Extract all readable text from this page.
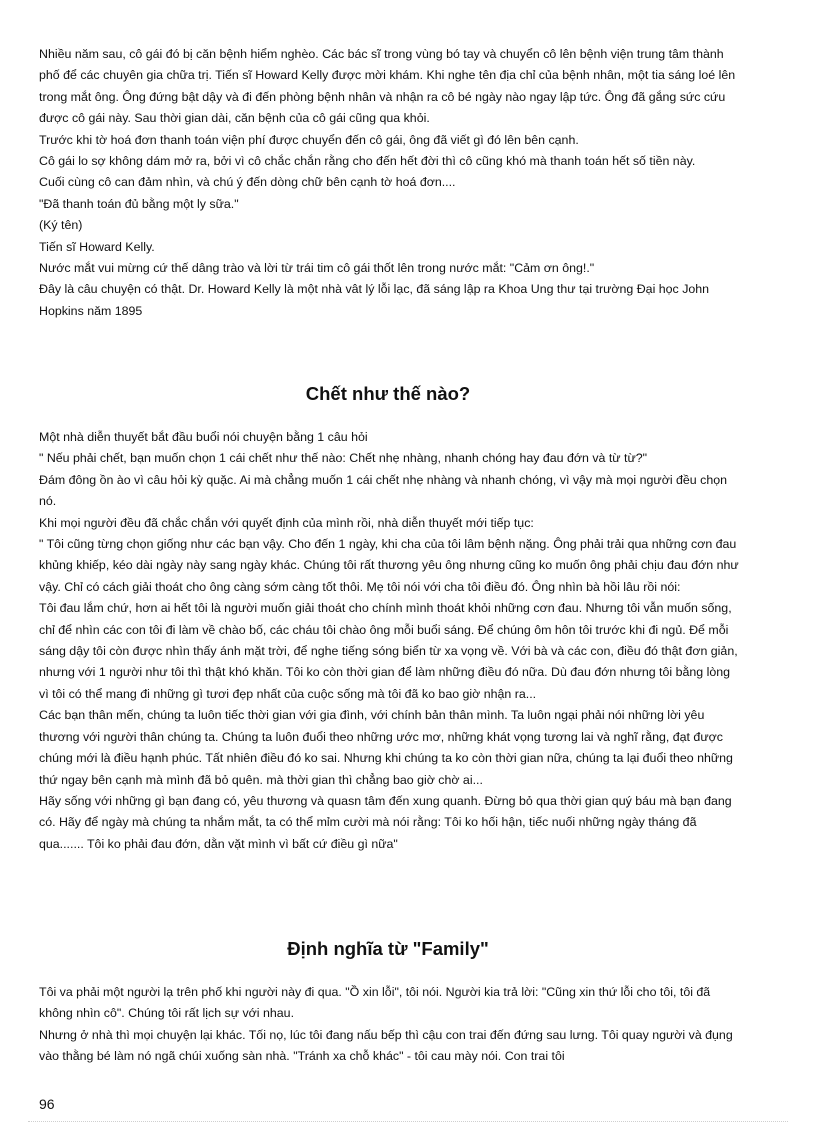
Nhiều năm sau, cô gái đó bị căn bệnh hiểm nghèo. Các bác sĩ trong vùng bó tay và chuyển cô lên bệnh viện trung tâm thành phố để các chuyên gia chữa trị. Tiến sĩ Howard Kelly được mời khám. Khi nghe tên địa chỉ của bệnh nhân, một tia sáng loé lên trong mắt ông. Ông đứng bật dậy và đi đến phòng bệnh nhân và nhận ra cô bé ngày nào ngay lập tức. Ông đã gắng sức cứu được cô gái này. Sau thời gian dài, căn bệnh của cô gái cũng qua khỏi.

Trước khi tờ hoá đơn thanh toán viện phí được chuyển đến cô gái, ông đã viết gì đó lên bên cạnh.

Cô gái lo sợ không dám mở ra, bởi vì cô chắc chắn rằng cho đến hết đời thì cô cũng khó mà thanh toán hết số tiền này.

Cuối cùng cô can đảm nhìn, và chú ý đến dòng chữ bên cạnh tờ hoá đơn....

"Đã thanh toán đủ bằng một ly sữa."

(Ký tên)

Tiến sĩ Howard Kelly.

Nước mắt vui mừng cứ thế dâng trào và lời từ trái tim cô gái thốt lên trong nước mắt: "Cảm ơn ông!."

Đây là câu chuyện có thật. Dr. Howard Kelly là một nhà vât lý lỗi lạc, đã sáng lập ra Khoa Ung thư tại trường Đại học John Hopkins năm 1895

Chết như thế nào?

Một nhà diễn thuyết bắt đầu buổi nói chuyện bằng 1 câu hỏi

" Nếu phải chết, bạn muốn chọn 1 cái chết như thế nào: Chết nhẹ nhàng, nhanh chóng hay đau đớn và từ từ?"

Đám đông ồn ào vì câu hỏi kỳ quặc. Ai mà chẳng muốn 1 cái chết nhẹ nhàng và nhanh chóng, vì vậy mà mọi người đều chọn nó.

Khi mọi người đều đã chắc chắn với quyết định của mình rồi, nhà diễn thuyết mới tiếp tục:

" Tôi cũng từng chọn giống như các bạn vậy. Cho đến 1 ngày, khi cha của tôi lâm bệnh nặng. Ông phải trải qua những cơn đau khủng khiếp, kéo dài ngày này sang ngày khác. Chúng tôi rất thương yêu ông nhưng cũng ko muốn ông phải chịu đau đớn như vậy. Chỉ có cách giải thoát cho ông càng sớm càng tốt thôi. Mẹ tôi nói với cha tôi điều đó. Ông nhìn bà hồi lâu rồi nói:

Tôi đau lắm chứ, hơn ai hết tôi là người muốn giải thoát cho chính mình thoát khỏi những cơn đau. Nhưng tôi vẫn muốn sống, chỉ để nhìn các con tôi đi làm về chào bố, các cháu tôi chào ông mỗi buổi sáng. Để chúng ôm hôn tôi trước khi đi ngủ. Để mỗi sáng dậy tôi còn được nhìn thấy ánh mặt trời, để nghe tiếng sóng biển từ xa vọng về. Với bà và các con, điều đó thật đơn giản, nhưng với 1 người như tôi thì thật khó khăn. Tôi ko còn thời gian để làm những điều đó nữa. Dù đau đớn nhưng tôi bằng lòng vì tôi có thể mang đi những gì tươi đẹp nhất của cuộc sống mà tôi đã ko bao giờ nhận ra...

Các bạn thân mến, chúng ta luôn tiếc thời gian với gia đình, với chính bản thân mình. Ta luôn ngại phải nói những lời yêu thương với người thân chúng ta. Chúng ta luôn đuổi theo những ước mơ, những khát vọng tương lai và nghĩ rằng, đạt được chúng mới là điều hạnh phúc. Tất nhiên điều đó ko sai. Nhưng khi chúng ta ko còn thời gian nữa, chúng ta lại đuổi theo những thứ ngay bên cạnh mà mình đã bỏ quên. mà thời gian thì chẳng bao giờ chờ ai...

Hãy sống với những gì bạn đang có, yêu thương và quasn tâm đến xung quanh. Đừng bỏ qua thời gian quý báu mà bạn đang có. Hãy để ngày mà chúng ta nhắm mắt, ta có thể mỉm cười mà nói rằng: Tôi ko hối hận, tiếc nuối những ngày tháng đã qua....... Tôi ko phải đau đớn, dằn vặt mình vì bất cứ điều gì nữa"

Định nghĩa từ "Family"

Tôi va phải một người lạ trên phố khi người này đi qua. "Ồ xin lỗi", tôi nói. Người kia trả lời: "Cũng xin thứ lỗi cho tôi, tôi đã không nhìn cô". Chúng tôi rất lịch sự với nhau.

Nhưng ở nhà thì mọi chuyện lại khác. Tối nọ, lúc tôi đang nấu bếp thì cậu con trai đến đứng sau lưng. Tôi quay người và đụng vào thằng bé làm nó ngã chúi xuống sàn nhà. "Tránh xa chỗ khác" - tôi cau mày nói. Con trai tôi

96
